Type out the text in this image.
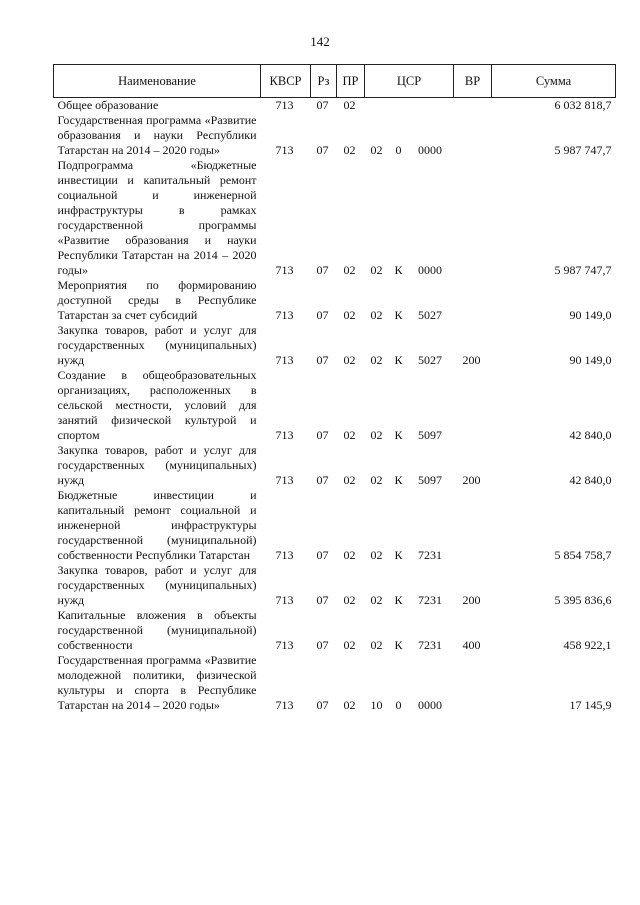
142
Наименование	КВСР	Рз	ПР	ЦСР			ВР	Сумма
Общее образование	713	07	02					6 032 818,7
Государственная программа «Развитие образования и науки Республики Татарстан на 2014 – 2020 годы»	713	07	02	02	0	0000		5 987 747,7
Подпрограмма «Бюджетные инвестиции и капитальный ремонт социальной и инженерной инфраструктуры в рамках государственной программы «Развитие образования и науки Республики Татарстан на 2014 – 2020 годы»	713	07	02	02	К	0000		5 987 747,7
Мероприятия по формированию доступной среды в Республике Татарстан за счет субсидий	713	07	02	02	К	5027		90 149,0
Закупка товаров, работ и услуг для государственных (муниципальных) нужд	713	07	02	02	К	5027	200	90 149,0
Создание в общеобразовательных организациях, расположенных в сельской местности, условий для занятий физической культурой и спортом	713	07	02	02	К	5097		42 840,0
Закупка товаров, работ и услуг для государственных (муниципальных) нужд	713	07	02	02	К	5097	200	42 840,0
Бюджетные инвестиции и капитальный ремонт социальной и инженерной инфраструктуры государственной (муниципальной) собственности Республики Татарстан	713	07	02	02	К	7231		5 854 758,7
Закупка товаров, работ и услуг для государственных (муниципальных) нужд	713	07	02	02	К	7231	200	5 395 836,6
Капитальные вложения в объекты государственной (муниципальной) собственности	713	07	02	02	К	7231	400	458 922,1
Государственная программа «Развитие молодежной политики, физической культуры и спорта в Республике Татарстан на 2014 – 2020 годы»	713	07	02	10	0	0000		17 145,9
